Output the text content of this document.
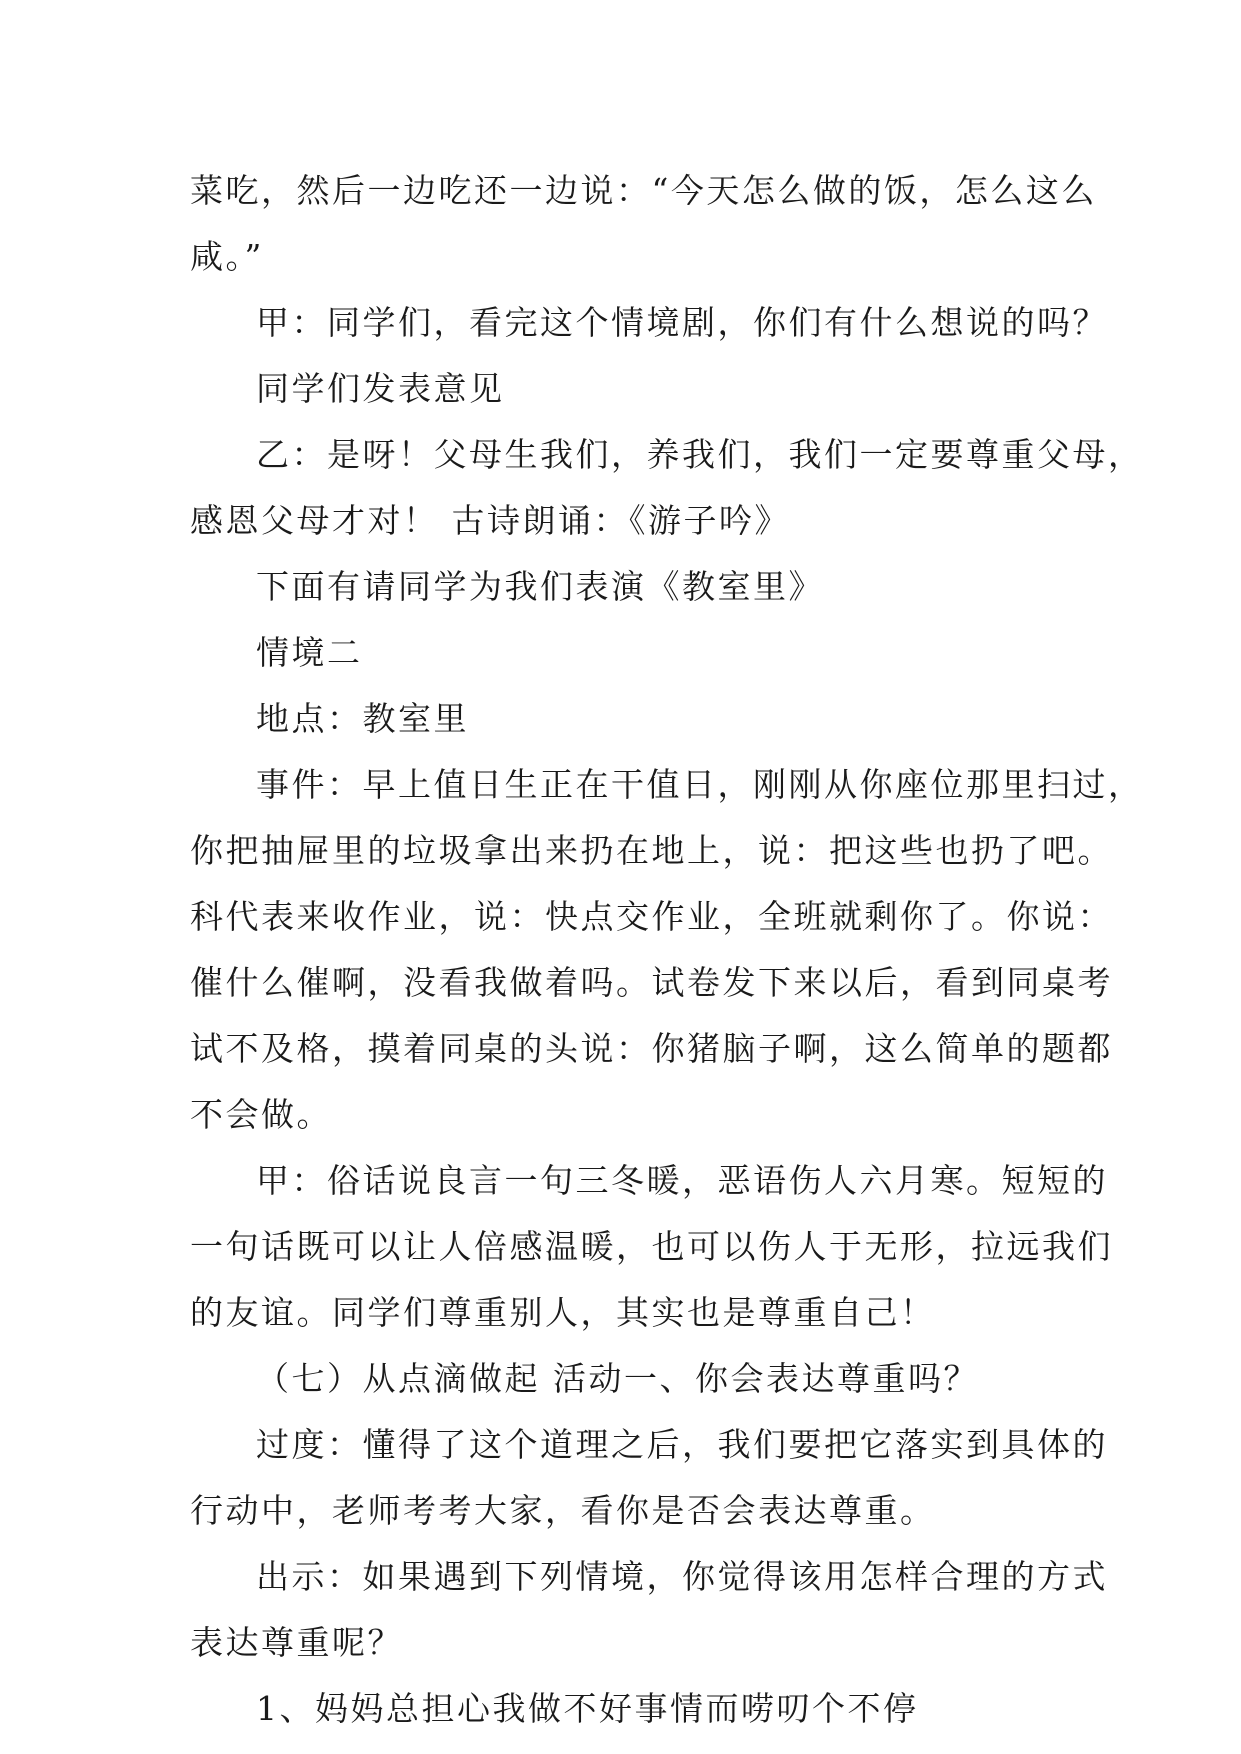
菜吃，然后一边吃还一边说：“今天怎么做的饭，怎么这么
咸。”
甲：同学们，看完这个情境剧，你们有什么想说的吗？
同学们发表意见
乙：是呀！父母生我们，养我们，我们一定要尊重父母，
感恩父母才对！ 古诗朗诵：《游子吟》
下面有请同学为我们表演《教室里》
情境二
地点：教室里
事件：早上值日生正在干值日，刚刚从你座位那里扫过，
你把抽屉里的垃圾拿出来扔在地上，说：把这些也扔了吧。
科代表来收作业，说：快点交作业，全班就剩你了。你说：
催什么催啊，没看我做着吗。试卷发下来以后，看到同桌考
试不及格，摸着同桌的头说：你猪脑子啊，这么简单的题都
不会做。
甲：俗话说良言一句三冬暖，恶语伤人六月寒。短短的
一句话既可以让人倍感温暖，也可以伤人于无形，拉远我们
的友谊。同学们尊重别人，其实也是尊重自己！
（七）从点滴做起 活动一、你会表达尊重吗？
过度：懂得了这个道理之后，我们要把它落实到具体的
行动中，老师考考大家，看你是否会表达尊重。
出示：如果遇到下列情境，你觉得该用怎样合理的方式
表达尊重呢？
1、妈妈总担心我做不好事情而唠叨个不停
